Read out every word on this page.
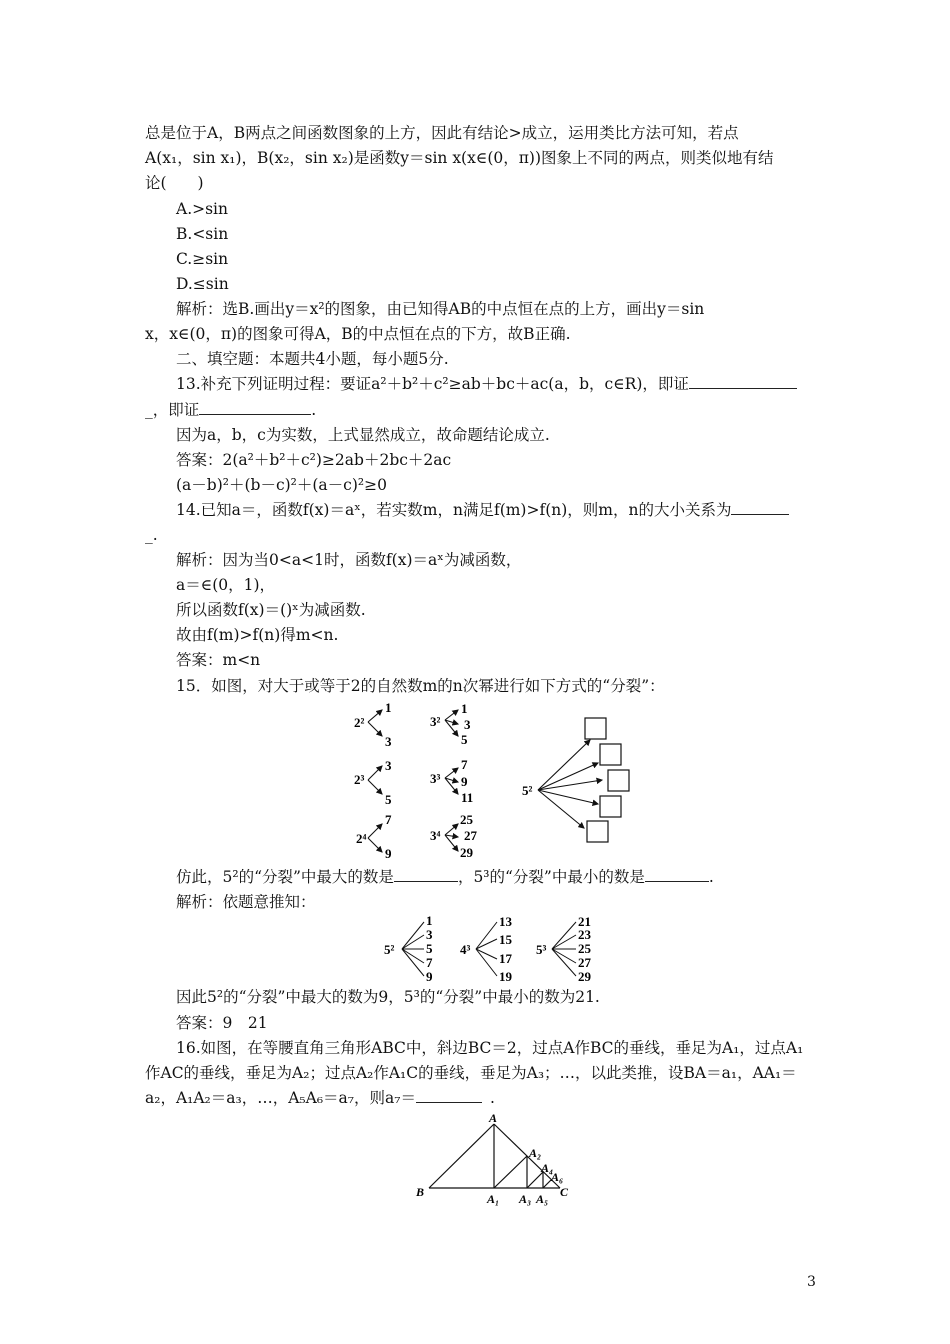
总是位于A，B两点之间函数图象的上方，因此有结论>成立，运用类比方法可知，若点
A(x₁，sin x₁)，B(x₂，sin x₂)是函数y＝sin x(x∈(0，π))图象上不同的两点，则类似地有结
论(　　)
A.>sin
B.<sin
C.≥sin
D.≤sin
解析：选B.画出y＝x²的图象，由已知得AB的中点恒在点的上方，画出y＝sin
x，x∈(0，π)的图象可得A，B的中点恒在点的下方，故B正确.
二、填空题：本题共4小题，每小题5分.
13.补充下列证明过程：要证a²＋b²＋c²≥ab＋bc＋ac(a，b，c∈R)，即证
_，即证	.
因为a，b，c为实数，上式显然成立，故命题结论成立.
答案：2(a²＋b²＋c²)≥2ab＋2bc＋2ac
(a－b)²＋(b－c)²＋(a－c)²≥0
14.已知a＝，函数f(x)＝aˣ，若实数m，n满足f(m)>f(n)，则m，n的大小关系为
_.
解析：因为当0<a<1时，函数f(x)＝aˣ为减函数，
a＝∈(0，1)，
所以函数f(x)＝()ˣ为减函数.
故由f(m)>f(n)得m<n.
答案：m<n
15．如图，对大于或等于2的自然数m的n次幂进行如下方式的“分裂”：
2²
1
3
3²
1
3
5
2³
3
5
3³
7
9
11
2⁴
7
9
3⁴
25
27
29
5²
仿此，5²的“分裂”中最大的数是	，5³的“分裂”中最小的数是	.
解析：依题意推知：
5²
1
3
5
7
9
4³
13
15
17
19
5³
21
23
25
27
29
因此5²的“分裂”中最大的数为9，5³的“分裂”中最小的数为21.
答案：9　21
16.如图，在等腰直角三角形ABC中，斜边BC＝2，过点A作BC的垂线，垂足为A₁，过点A₁
作AC的垂线，垂足为A₂；过点A₂作A₁C的垂线，垂足为A₃；…，以此类推，设BA＝a₁，AA₁＝
a₂，A₁A₂＝a₃，…，A₅A₆＝a₇，则a₇＝	.
A
A₂
A₄
A₆
B	A₁ A₃ A₅ C
3
